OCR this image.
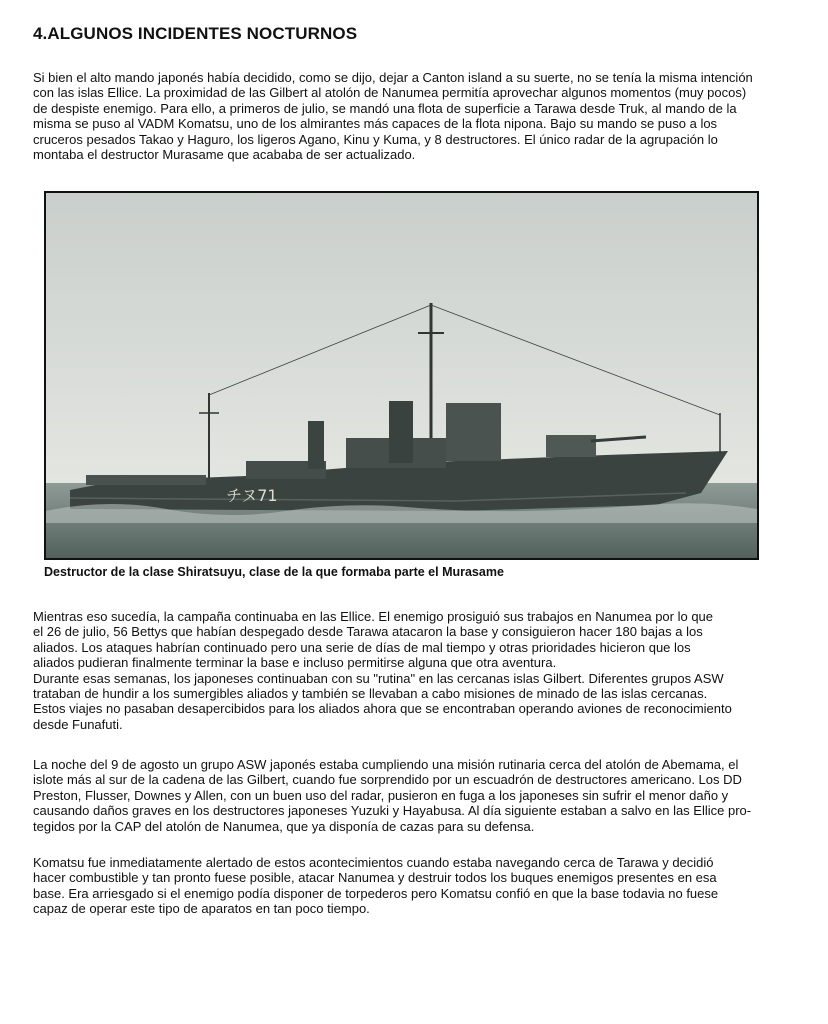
4.ALGUNOS INCIDENTES NOCTURNOS
Si bien el alto mando japonés había decidido, como se dijo, dejar a Canton island a su suerte, no se tenía la misma intención
con las islas Ellice. La proximidad de las Gilbert al atolón de Nanumea permitía aprovechar algunos momentos (muy pocos)
de despiste enemigo. Para ello, a primeros de julio, se mandó una flota de superficie a Tarawa desde Truk, al mando de la
misma se puso al VADM Komatsu, uno de los almirantes más capaces de la flota nipona. Bajo su mando se puso a los
cruceros pesados Takao y Haguro, los ligeros Agano, Kinu y Kuma, y 8 destructores. El único radar de la agrupación lo
montaba el destructor Murasame que acababa de ser actualizado.
チヌ71

Destructor de la clase Shiratsuyu, clase de la que formaba parte el Murasame

Mientras eso sucedía, la campaña continuaba en las Ellice. El enemigo prosiguió sus trabajos en Nanumea por lo que
el 26 de julio, 56 Bettys que habían despegado desde Tarawa atacaron la base y consiguieron hacer 180 bajas a los
aliados. Los ataques habrían continuado pero una serie de días de mal tiempo y otras prioridades hicieron que los
aliados pudieran finalmente terminar la base e incluso permitirse alguna que otra aventura.
Durante esas semanas, los japoneses continuaban con su "rutina" en las cercanas islas Gilbert. Diferentes grupos ASW
trataban de hundir a los sumergibles aliados y también se llevaban a cabo misiones de minado de las islas cercanas.
Estos viajes no pasaban desapercibidos para los aliados ahora que se encontraban operando aviones de reconocimiento
desde Funafuti.
La noche del 9 de agosto un grupo ASW japonés estaba cumpliendo una misión rutinaria cerca del atolón de Abemama, el
islote más al sur de la cadena de las Gilbert, cuando fue sorprendido por un escuadrón de destructores americano. Los DD
Preston, Flusser, Downes y Allen, con un buen uso del radar, pusieron en fuga a los japoneses sin sufrir el menor daño y
causando daños graves en los destructores japoneses Yuzuki y Hayabusa. Al día siguiente estaban a salvo en las Ellice pro-
tegidos por la CAP del atolón de Nanumea, que ya disponía de cazas para su defensa.
Komatsu fue inmediatamente alertado de estos acontecimientos cuando estaba navegando cerca de Tarawa y decidió
hacer combustible y tan pronto fuese posible, atacar Nanumea y destruir todos los buques enemigos presentes en esa
base. Era arriesgado si el enemigo podía disponer de torpederos pero Komatsu confió en que la base todavia no fuese
capaz de operar este tipo de aparatos en tan poco tiempo.
